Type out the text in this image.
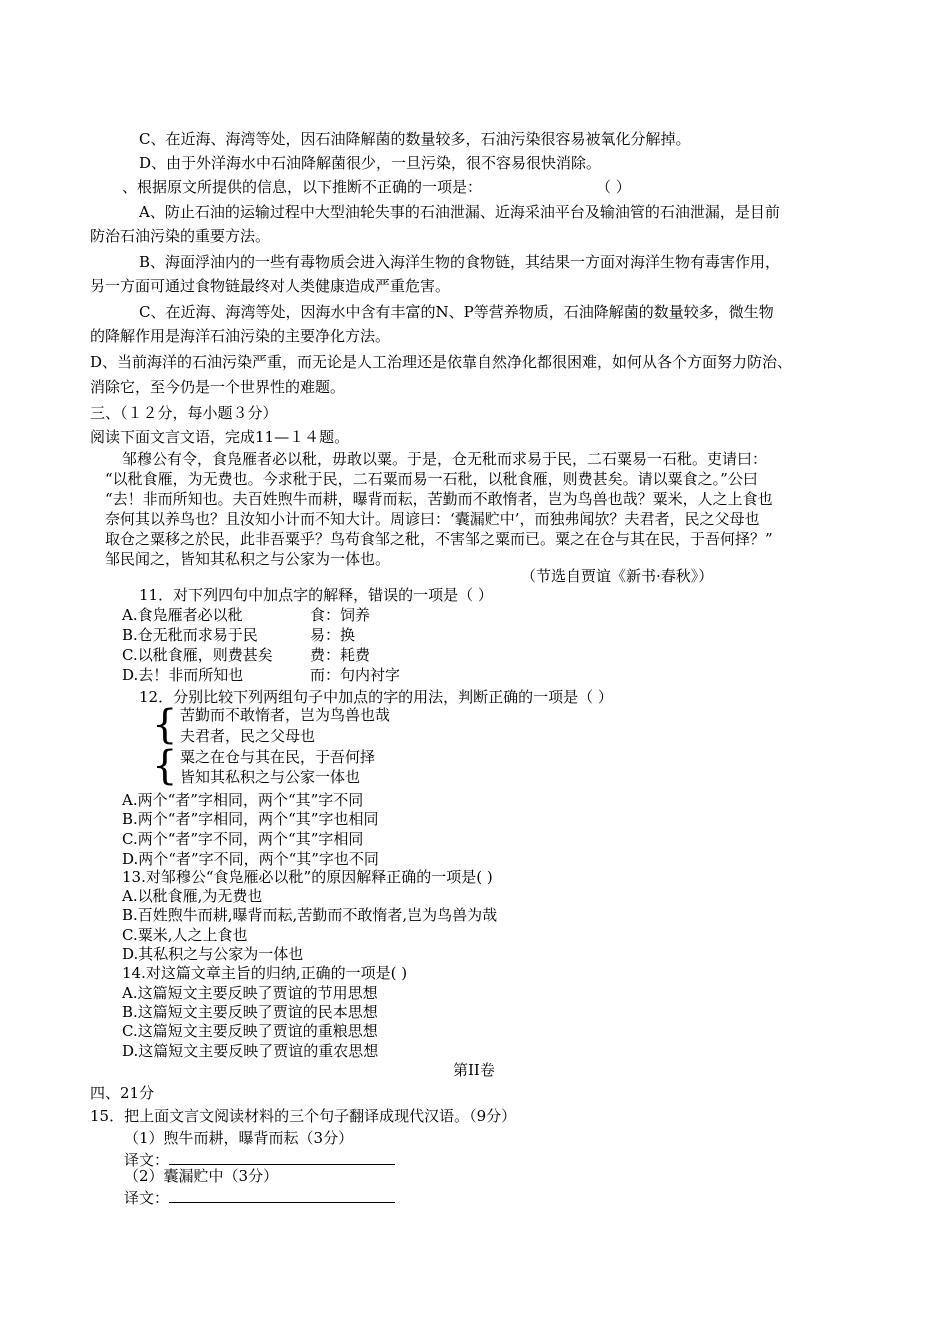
C、在近海、海湾等处，因石油降解菌的数量较多，石油污染很容易被氧化分解掉。
D、由于外洋海水中石油降解菌很少，一旦污染，很不容易很快消除。
、根据原文所提供的信息，以下推断不正确的一项是：	（ ）
A、防止石油的运输过程中大型油轮失事的石油泄漏、近海采油平台及输油管的石油泄漏，是目前
防治石油污染的重要方法。
B、海面浮油内的一些有毒物质会进入海洋生物的食物链，其结果一方面对海洋生物有毒害作用，
另一方面可通过食物链最终对人类健康造成严重危害。
C、在近海、海湾等处，因海水中含有丰富的N、P等营养物质，石油降解菌的数量较多，微生物
的降解作用是海洋石油污染的主要净化方法。
D、当前海洋的石油污染严重，而无论是人工治理还是依靠自然净化都很困难，如何从各个方面努力防治、
消除它，至今仍是一个世界性的难题。
三、（１２分，每小题３分）
阅读下面文言文语，完成11—１４题。
邹穆公有令，食凫雁者必以秕，毋敢以粟。于是，仓无秕而求易于民，二石粟易一石秕。吏请曰：
“以秕食雁，为无费也。今求秕于民，二石粟而易一石秕，以秕食雁，则费甚矣。请以粟食之。”公曰
“去！非而所知也。夫百姓煦牛而耕，曝背而耘，苦勤而不敢惰者，岂为鸟兽也哉？粟米，人之上食也
奈何其以养鸟也？且汝知小计而不知大计。周谚曰：‘囊漏贮中’，而独弗闻欤？夫君者，民之父母也
取仓之粟移之於民，此非吾粟乎？鸟苟食邹之秕，不害邹之粟而已。粟之在仓与其在民，于吾何择？”
邹民闻之，皆知其私积之与公家为一体也。
（节选自贾谊《新书·春秋》）
11．对下列四句中加点字的解释，错误的一项是（ ）
A.食凫雁者必以秕	食：饲养
B.仓无秕而求易于民	易：换
C.以秕食雁，则费甚矣 费：耗费
D.去！非而所知也	而：句内衬字
12．分别比较下列两组句子中加点的字的用法，判断正确的一项是（ ）
{ 苦勤而不敢惰者，岂为鸟兽也哉
夫君者，民之父母也
{ 粟之在仓与其在民，于吾何择
皆知其私积之与公家一体也
A.两个“者”字相同，两个“其”字不同
B.两个“者”字相同，两个“其”字也相同
C.两个“者”字不同，两个“其”字相同
D.两个“者”字不同，两个“其”字也不同
13.对邹穆公“食凫雁必以秕”的原因解释正确的一项是( )
A.以秕食雁,为无费也
B.百姓煦牛而耕,曝背而耘,苦勤而不敢惰者,岂为鸟兽为哉
C.粟米,人之上食也
D.其私积之与公家为一体也
14.对这篇文章主旨的归纳,正确的一项是( )
A.这篇短文主要反映了贾谊的节用思想
B.这篇短文主要反映了贾谊的民本思想
C.这篇短文主要反映了贾谊的重粮思想
D.这篇短文主要反映了贾谊的重农思想
第II卷
四、21分
15．把上面文言文阅读材料的三个句子翻译成现代汉语。（9分）
（1）煦牛而耕，曝背而耘（3分）
译文：
（2）囊漏贮中（3分）
译文：
